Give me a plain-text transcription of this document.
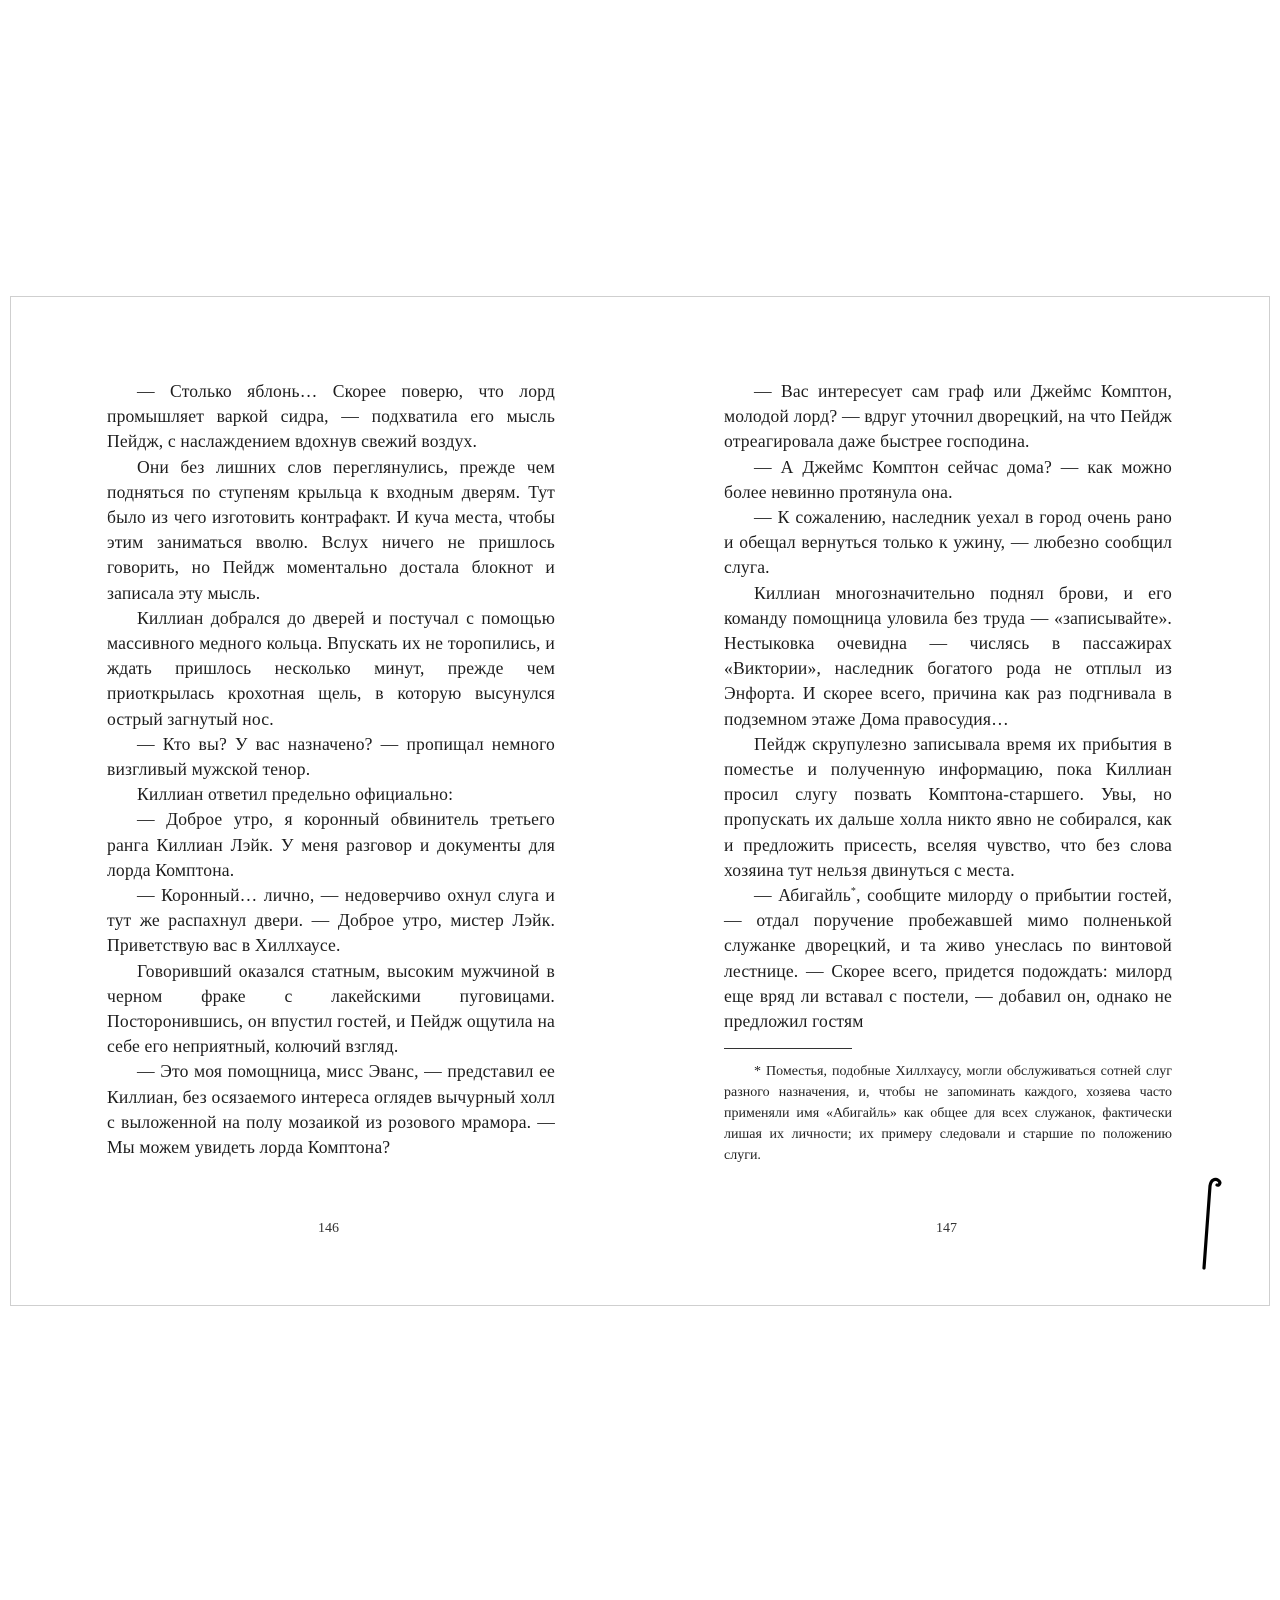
— Столько яблонь… Скорее поверю, что лорд промышляет варкой сидра, — подхватила его мысль Пейдж, с наслаждением вдохнув свежий воздух.

Они без лишних слов переглянулись, прежде чем подняться по ступеням крыльца к входным дверям. Тут было из чего изготовить контрафакт. И куча места, чтобы этим заниматься вволю. Вслух ничего не пришлось говорить, но Пейдж моментально достала блокнот и записала эту мысль.

Киллиан добрался до дверей и постучал с помощью массивного медного кольца. Впускать их не торопились, и ждать пришлось несколько минут, прежде чем приоткрылась крохотная щель, в которую высунулся острый загнутый нос.

— Кто вы? У вас назначено? — пропищал немного визгливый мужской тенор.

Киллиан ответил предельно официально:

— Доброе утро, я коронный обвинитель третьего ранга Киллиан Лэйк. У меня разговор и документы для лорда Комптона.

— Коронный… лично, — недоверчиво охнул слуга и тут же распахнул двери. — Доброе утро, мистер Лэйк. Приветствую вас в Хиллхаусе.

Говоривший оказался статным, высоким мужчиной в черном фраке с лакейскими пуговицами. Посторонившись, он впустил гостей, и Пейдж ощутила на себе его неприятный, колючий взгляд.

— Это моя помощница, мисс Эванс, — представил ее Киллиан, без осязаемого интереса оглядев вычурный холл с выложенной на полу мозаикой из розового мрамора. — Мы можем увидеть лорда Комптона?

— Вас интересует сам граф или Джеймс Комптон, молодой лорд? — вдруг уточнил дворецкий, на что Пейдж отреагировала даже быстрее господина.

— А Джеймс Комптон сейчас дома? — как можно более невинно протянула она.

— К сожалению, наследник уехал в город очень рано и обещал вернуться только к ужину, — любезно сообщил слуга.

Киллиан многозначительно поднял брови, и его команду помощница уловила без труда — «записывайте». Нестыковка очевидна — числясь в пассажирах «Виктории», наследник богатого рода не отплыл из Энфорта. И скорее всего, причина как раз подгнивала в подземном этаже Дома правосудия…

Пейдж скрупулезно записывала время их прибытия в поместье и полученную информацию, пока Киллиан просил слугу позвать Комптона-старшего. Увы, но пропускать их дальше холла никто явно не собирался, как и предложить присесть, вселяя чувство, что без слова хозяина тут нельзя двинуться с места.

— Абигайль*, сообщите милорду о прибытии гостей, — отдал поручение пробежавшей мимо полненькой служанке дворецкий, и та живо унеслась по винтовой лестнице. — Скорее всего, придется подождать: милорд еще вряд ли вставал с постели, — добавил он, однако не предложил гостям

* Поместья, подобные Хиллхаусу, могли обслуживаться сотней слуг разного назначения, и, чтобы не запоминать каждого, хозяева часто применяли имя «Абигайль» как общее для всех служанок, фактически лишая их личности; их примеру следовали и старшие по положению слуги.

146	147
